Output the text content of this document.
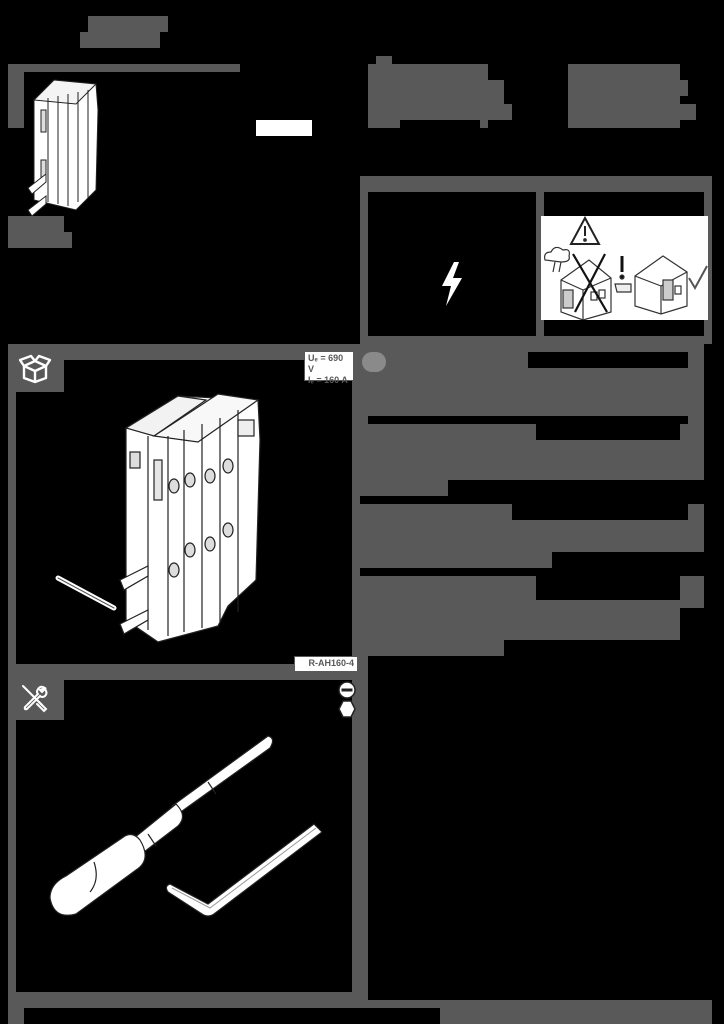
Uₑ = 690 V
Iₑ = 160 A
R-AH160-4
